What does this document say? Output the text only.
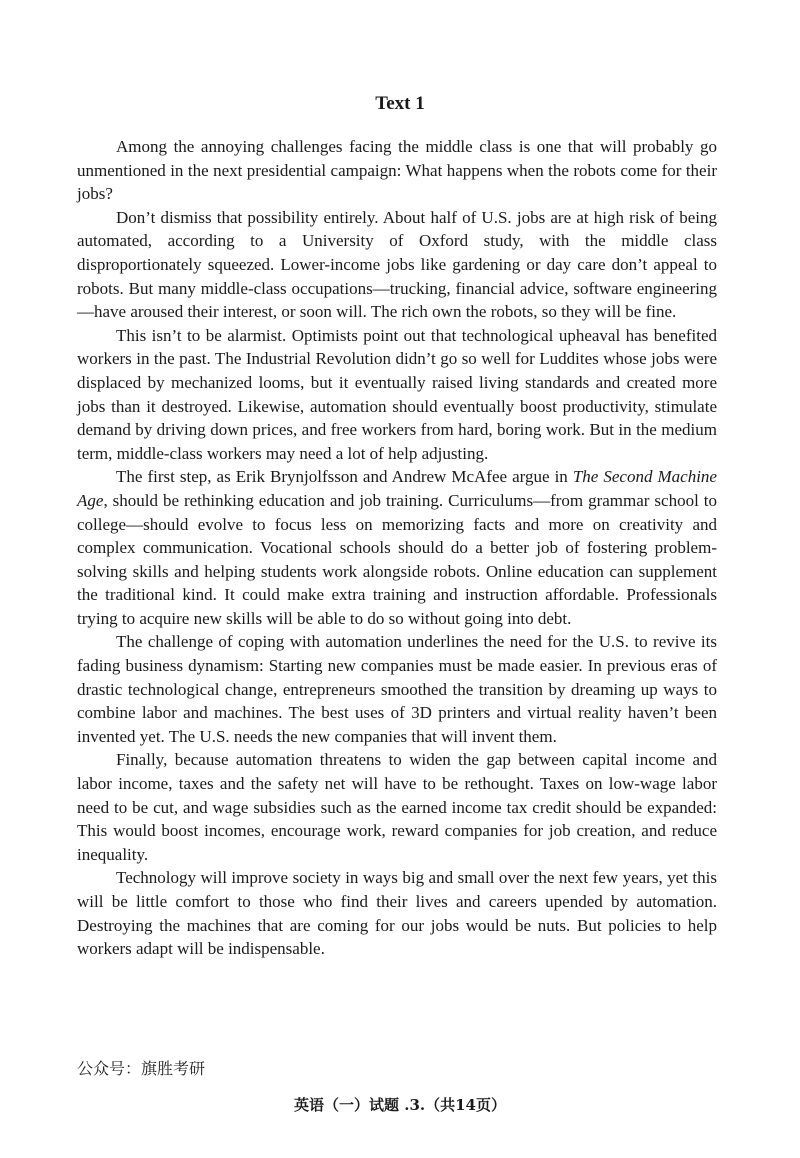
Text 1

Among the annoying challenges facing the middle class is one that will probably go unmentioned in the next presidential campaign: What happens when the robots come for their jobs?

Don’t dismiss that possibility entirely. About half of U.S. jobs are at high risk of being automated, according to a University of Oxford study, with the middle class disproportionately squeezed. Lower-income jobs like gardening or day care don’t appeal to robots. But many middle-class occupations—trucking, financial advice, software engineering—have aroused their interest, or soon will. The rich own the robots, so they will be fine.

This isn’t to be alarmist. Optimists point out that technological upheaval has benefited workers in the past. The Industrial Revolution didn’t go so well for Luddites whose jobs were displaced by mechanized looms, but it eventually raised living standards and created more jobs than it destroyed. Likewise, automation should eventually boost productivity, stimulate demand by driving down prices, and free workers from hard, boring work. But in the medium term, middle-class workers may need a lot of help adjusting.

The first step, as Erik Brynjolfsson and Andrew McAfee argue in The Second Machine Age, should be rethinking education and job training. Curriculums—from grammar school to college—should evolve to focus less on memorizing facts and more on creativity and complex communication. Vocational schools should do a better job of fostering problem-solving skills and helping students work alongside robots. Online education can supplement the traditional kind. It could make extra training and instruction affordable. Professionals trying to acquire new skills will be able to do so without going into debt.

The challenge of coping with automation underlines the need for the U.S. to revive its fading business dynamism: Starting new companies must be made easier. In previous eras of drastic technological change, entrepreneurs smoothed the transition by dreaming up ways to combine labor and machines. The best uses of 3D printers and virtual reality haven’t been invented yet. The U.S. needs the new companies that will invent them.

Finally, because automation threatens to widen the gap between capital income and labor income, taxes and the safety net will have to be rethought. Taxes on low-wage labor need to be cut, and wage subsidies such as the earned income tax credit should be expanded: This would boost incomes, encourage work, reward companies for job creation, and reduce inequality.

Technology will improve society in ways big and small over the next few years, yet this will be little comfort to those who find their lives and careers upended by automation. Destroying the machines that are coming for our jobs would be nuts. But policies to help workers adapt will be indispensable.

公众号：旗胜考研
英语（一）试题 .3.（共14页）
